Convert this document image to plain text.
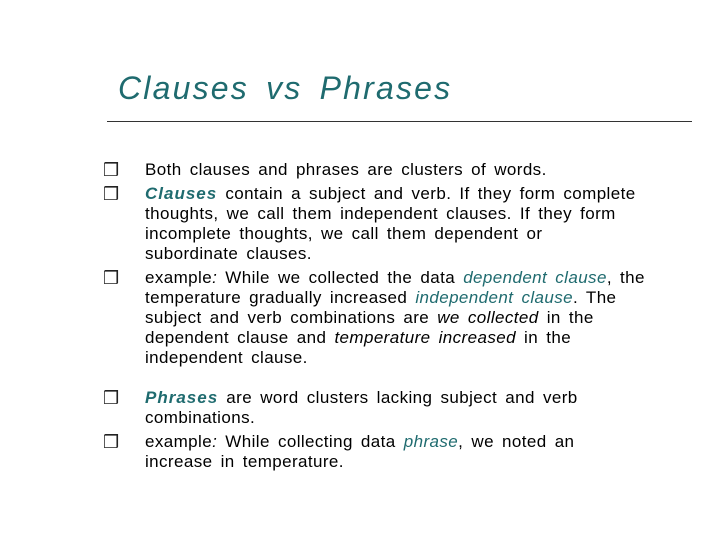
Clauses vs Phrases
❒ Both clauses and phrases are clusters of words.
❒ Clauses contain a subject and verb. If they form complete
thoughts, we call them independent clauses. If they form
incomplete thoughts, we call them dependent or
subordinate clauses.
❒ example: While we collected the data dependent clause, the
temperature gradually increased independent clause. The
subject and verb combinations are we collected in the
dependent clause and temperature increased in the
independent clause.
❒ Phrases are word clusters lacking subject and verb
combinations.
❒ example: While collecting data phrase, we noted an
increase in temperature.
